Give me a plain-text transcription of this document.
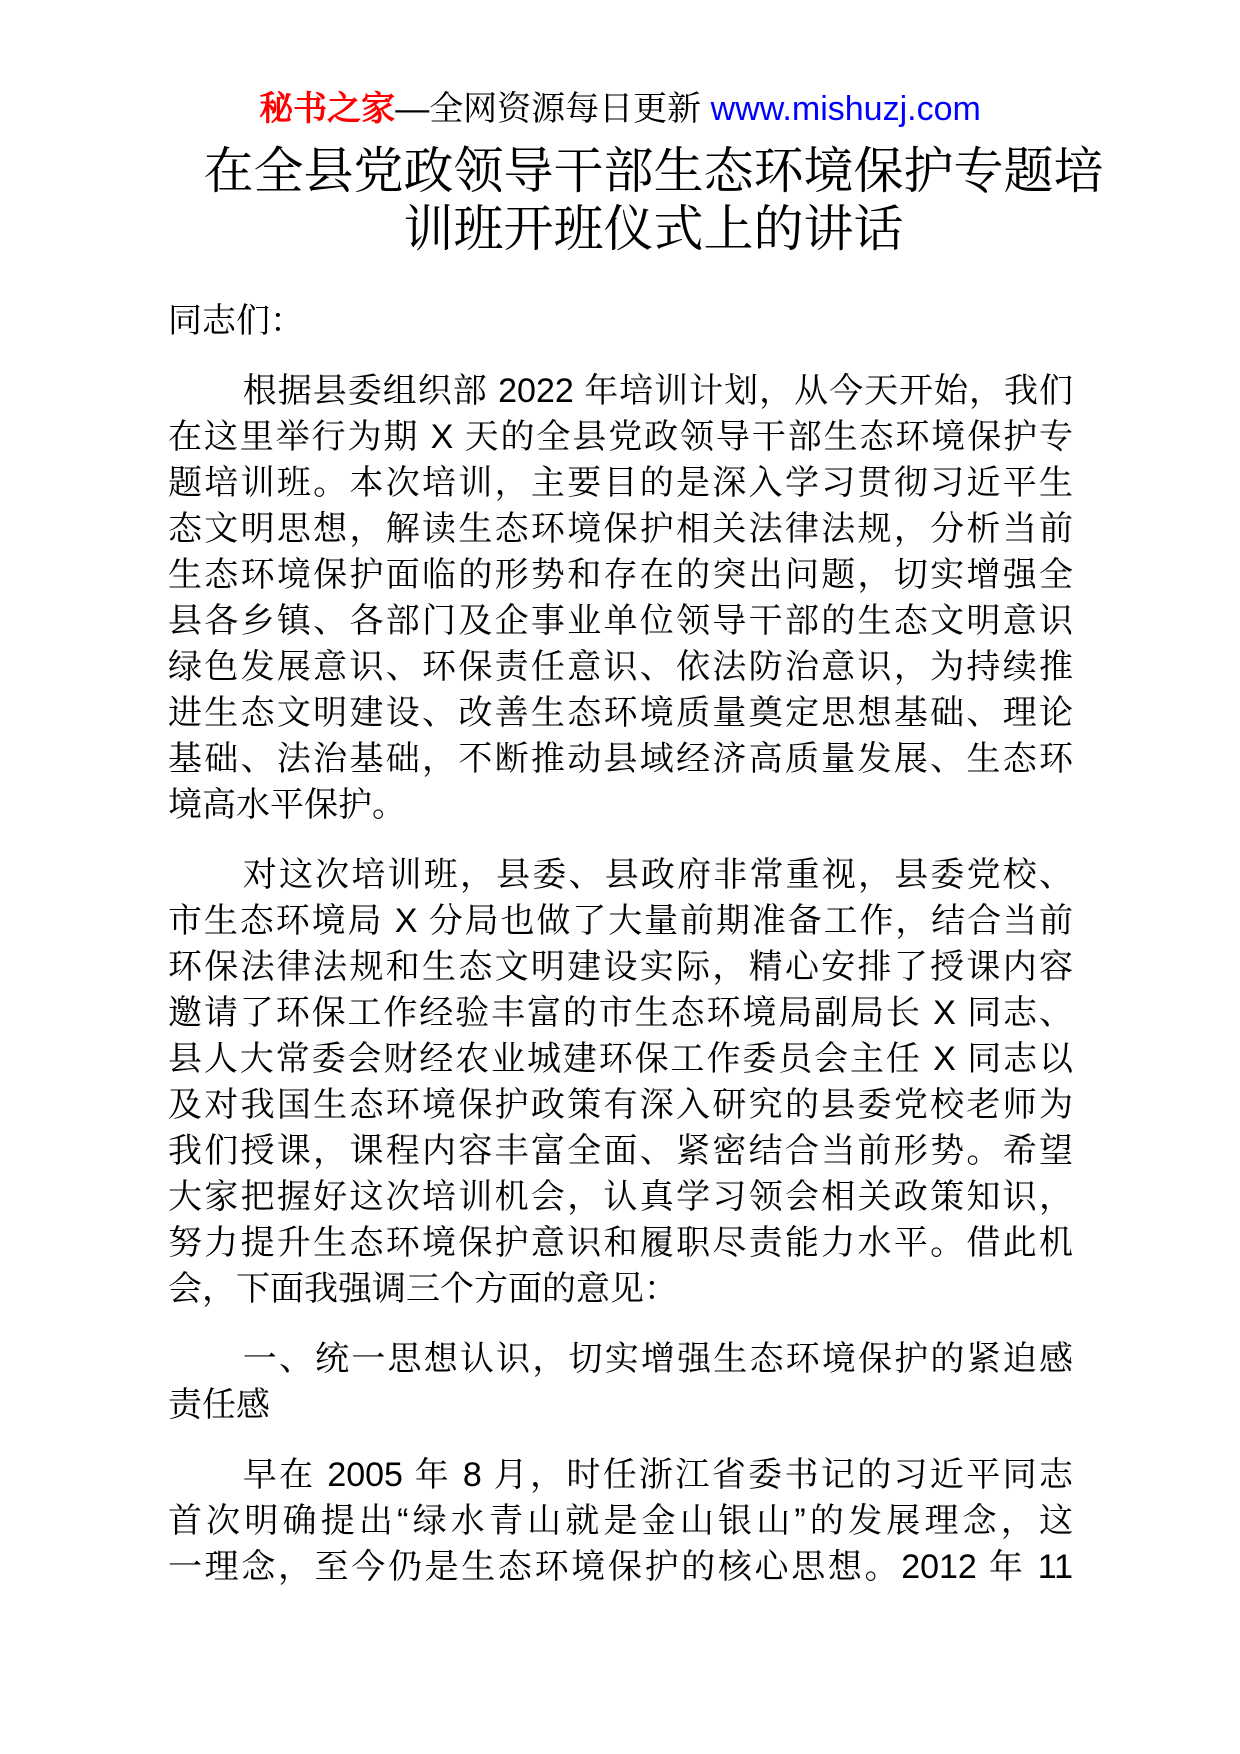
秘书之家—全网资源每日更新 www.mishuzj.com
在全县党政领导干部生态环境保护专题培
训班开班仪式上的讲话
同志们：
根据县委组织部 2022 年培训计划，从今天开始，我们
在这里举行为期 X 天的全县党政领导干部生态环境保护专
题培训班。本次培训，主要目的是深入学习贯彻习近平生
态文明思想，解读生态环境保护相关法律法规，分析当前
生态环境保护面临的形势和存在的突出问题，切实增强全
县各乡镇、各部门及企事业单位领导干部的生态文明意识
绿色发展意识、环保责任意识、依法防治意识，为持续推
进生态文明建设、改善生态环境质量奠定思想基础、理论
基础、法治基础，不断推动县域经济高质量发展、生态环
境高水平保护。
对这次培训班，县委、县政府非常重视，县委党校、
市生态环境局 X 分局也做了大量前期准备工作，结合当前
环保法律法规和生态文明建设实际，精心安排了授课内容
邀请了环保工作经验丰富的市生态环境局副局长 X 同志、
县人大常委会财经农业城建环保工作委员会主任 X 同志以
及对我国生态环境保护政策有深入研究的县委党校老师为
我们授课，课程内容丰富全面、紧密结合当前形势。希望
大家把握好这次培训机会，认真学习领会相关政策知识，
努力提升生态环境保护意识和履职尽责能力水平。借此机
会，下面我强调三个方面的意见：
一、统一思想认识，切实增强生态环境保护的紧迫感
责任感
早在 2005 年 8 月，时任浙江省委书记的习近平同志
首次明确提出“绿水青山就是金山银山”的发展理念，这
一理念，至今仍是生态环境保护的核心思想。2012 年 11
